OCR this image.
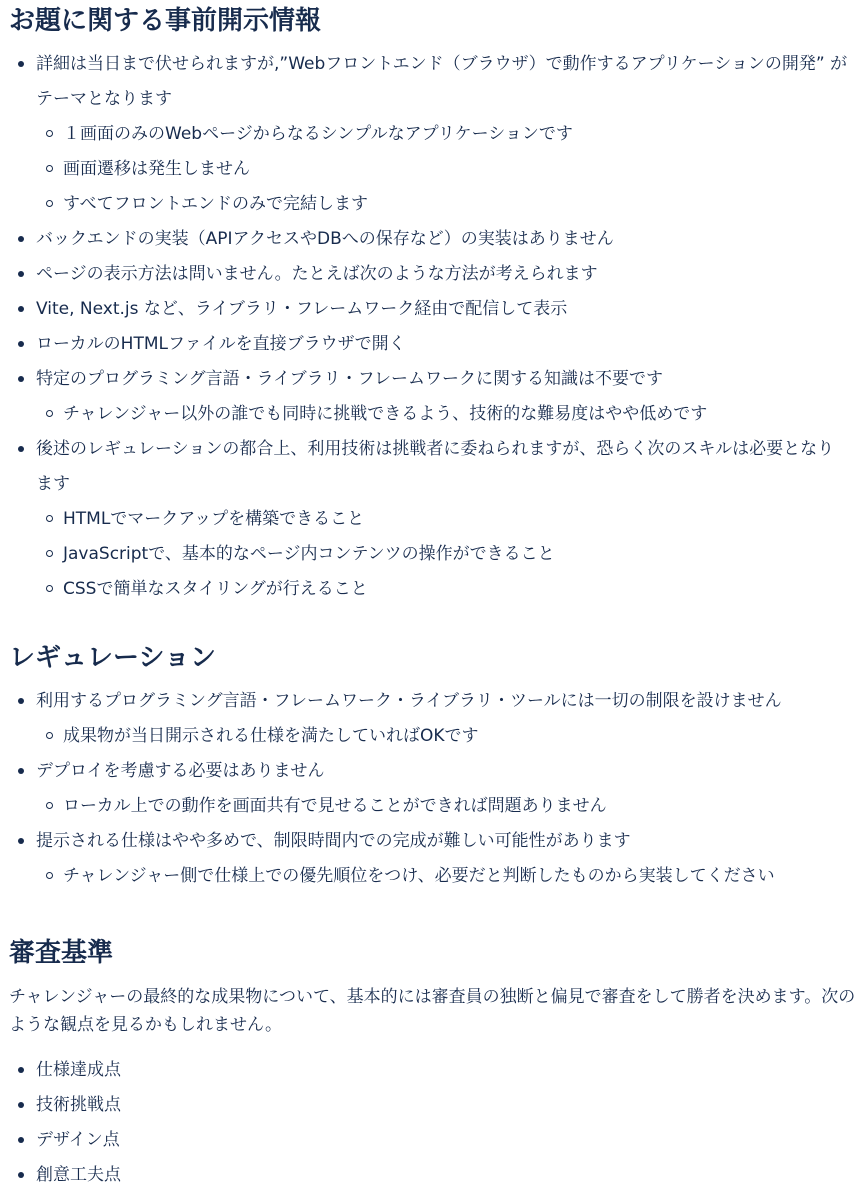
お題に関する事前開示情報
詳細は当日まで伏せられますが,”Webフロントエンド（ブラウザ）で動作するアプリケーションの開発” がテーマとなります
１画面のみのWebページからなるシンプルなアプリケーションです
画面遷移は発生しません
すべてフロントエンドのみで完結します
バックエンドの実装（APIアクセスやDBへの保存など）の実装はありません
ページの表示方法は問いません。たとえば次のような方法が考えられます
Vite, Next.js など、ライブラリ・フレームワーク経由で配信して表示
ローカルのHTMLファイルを直接ブラウザで開く
特定のプログラミング言語・ライブラリ・フレームワークに関する知識は不要です
チャレンジャー以外の誰でも同時に挑戦できるよう、技術的な難易度はやや低めです
後述のレギュレーションの都合上、利用技術は挑戦者に委ねられますが、恐らく次のスキルは必要となります
HTMLでマークアップを構築できること
JavaScriptで、基本的なページ内コンテンツの操作ができること
CSSで簡単なスタイリングが行えること
レギュレーション
利用するプログラミング言語・フレームワーク・ライブラリ・ツールには一切の制限を設けません
成果物が当日開示される仕様を満たしていればOKです
デプロイを考慮する必要はありません
ローカル上での動作を画面共有で見せることができれば問題ありません
提示される仕様はやや多めで、制限時間内での完成が難しい可能性があります
チャレンジャー側で仕様上での優先順位をつけ、必要だと判断したものから実装してください
審査基準

チャレンジャーの最終的な成果物について、基本的には審査員の独断と偏見で審査をして勝者を決めます。次のような観点を見るかもしれません。

仕様達成点
技術挑戦点
デザイン点
創意工夫点
